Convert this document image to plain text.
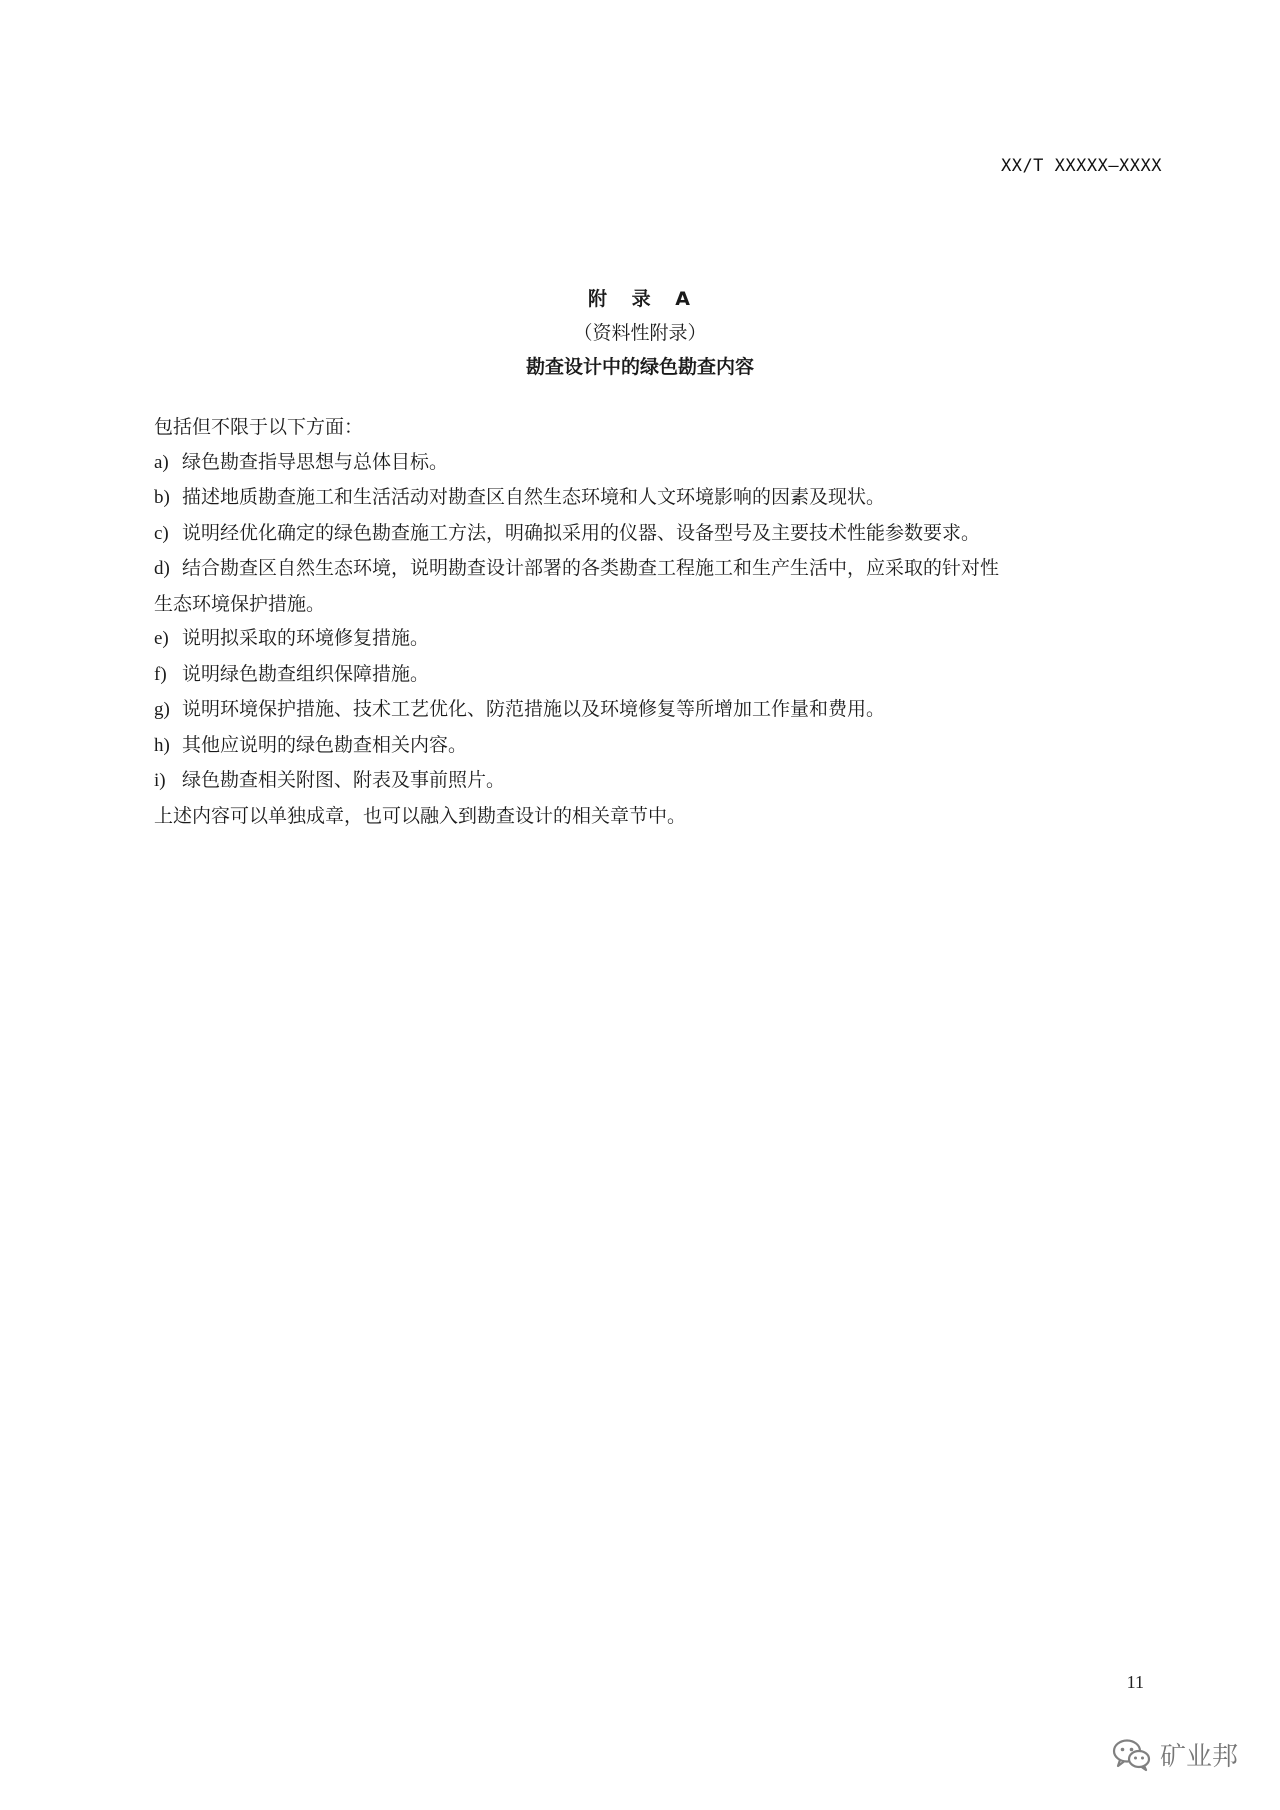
XX/T XXXXX—XXXX
附 录 A
（资料性附录）
勘查设计中的绿色勘查内容

包括但不限于以下方面：

a) 绿色勘查指导思想与总体目标。

b) 描述地质勘查施工和生活活动对勘查区自然生态环境和人文环境影响的因素及现状。

c) 说明经优化确定的绿色勘查施工方法，明确拟采用的仪器、设备型号及主要技术性能参数要求。

d) 结合勘查区自然生态环境，说明勘查设计部署的各类勘查工程施工和生产生活中，应采取的针对性

生态环境保护措施。

e) 说明拟采取的环境修复措施。

f) 说明绿色勘查组织保障措施。

g) 说明环境保护措施、技术工艺优化、防范措施以及环境修复等所增加工作量和费用。

h) 其他应说明的绿色勘查相关内容。

i) 绿色勘查相关附图、附表及事前照片。

上述内容可以单独成章，也可以融入到勘查设计的相关章节中。

11
矿业邦
